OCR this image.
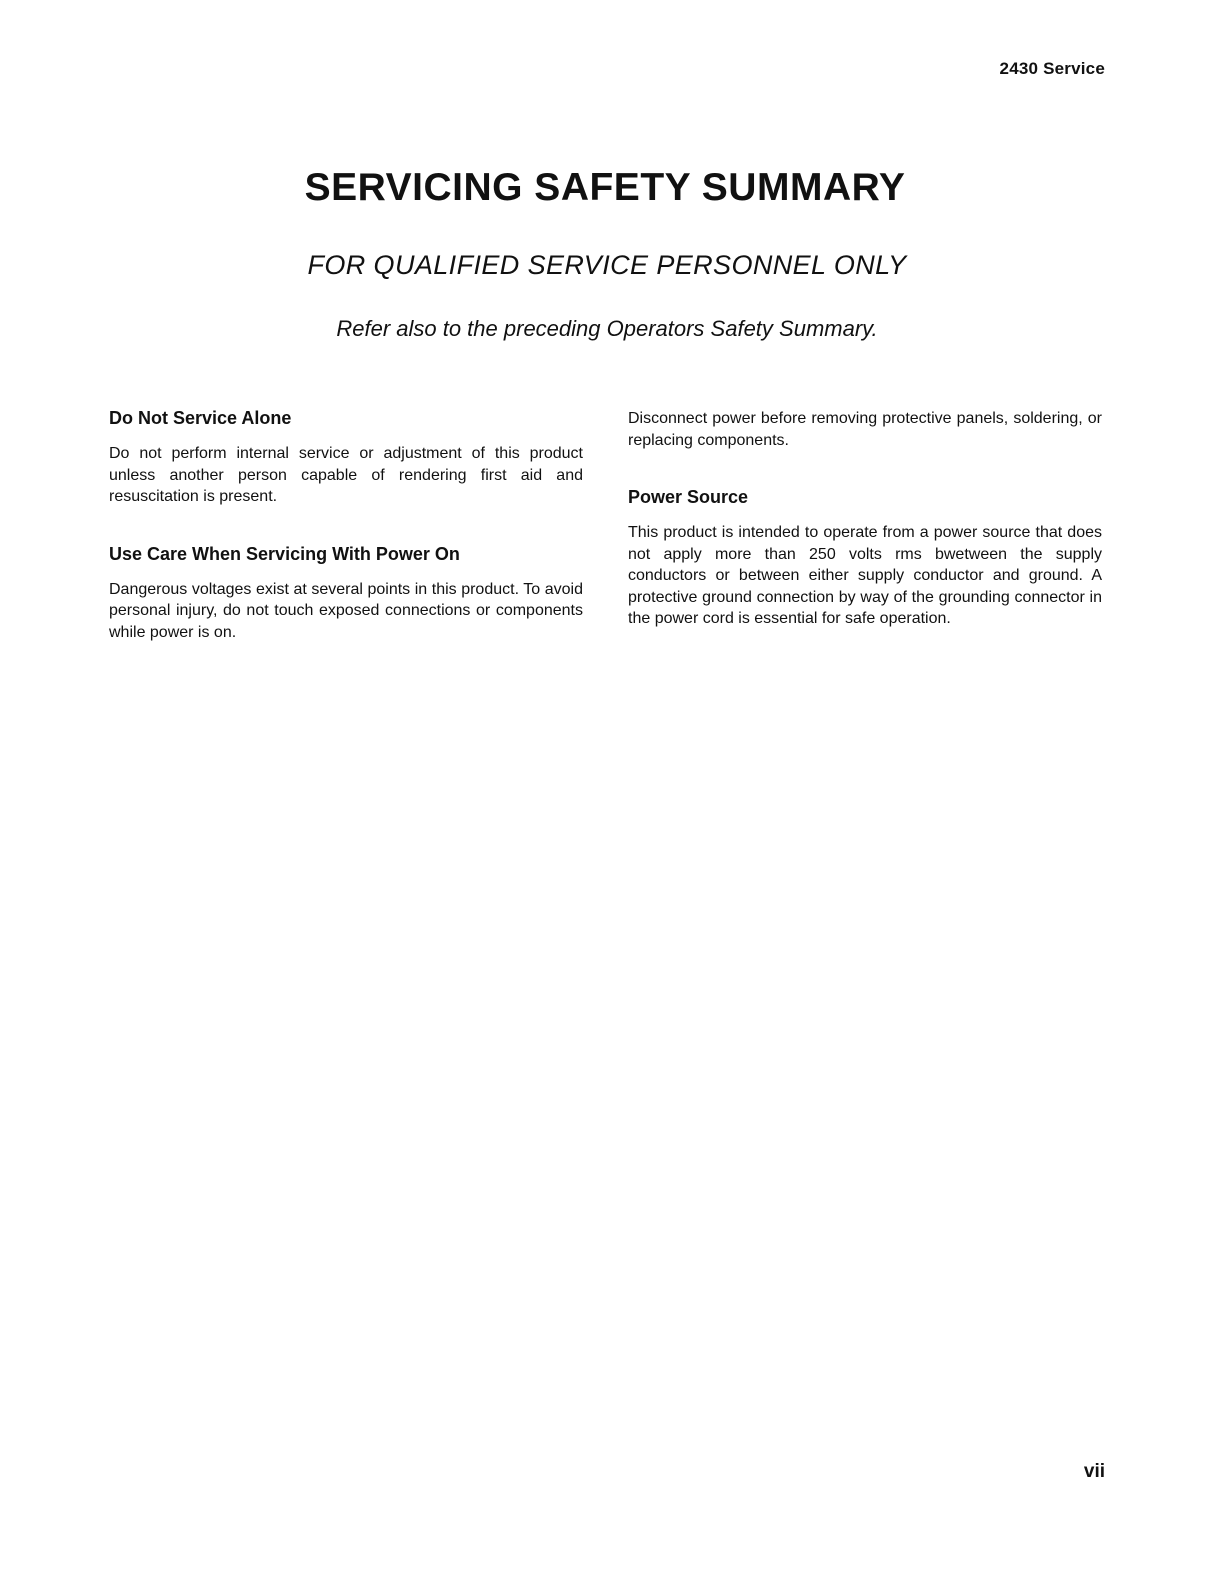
2430 Service
SERVICING SAFETY SUMMARY
FOR QUALIFIED SERVICE PERSONNEL ONLY
Refer also to the preceding Operators Safety Summary.
Do Not Service Alone

Do not perform internal service or adjustment of this product unless another person capable of rendering first aid and resuscitation is present.

Use Care When Servicing With Power On

Dangerous voltages exist at several points in this product. To avoid personal injury, do not touch exposed connections or components while power is on.

Disconnect power before removing protective panels, soldering, or replacing components.

Power Source

This product is intended to operate from a power source that does not apply more than 250 volts rms bwetween the supply conductors or between either supply conductor and ground. A protective ground connection by way of the grounding connector in the power cord is essential for safe operation.

vii
